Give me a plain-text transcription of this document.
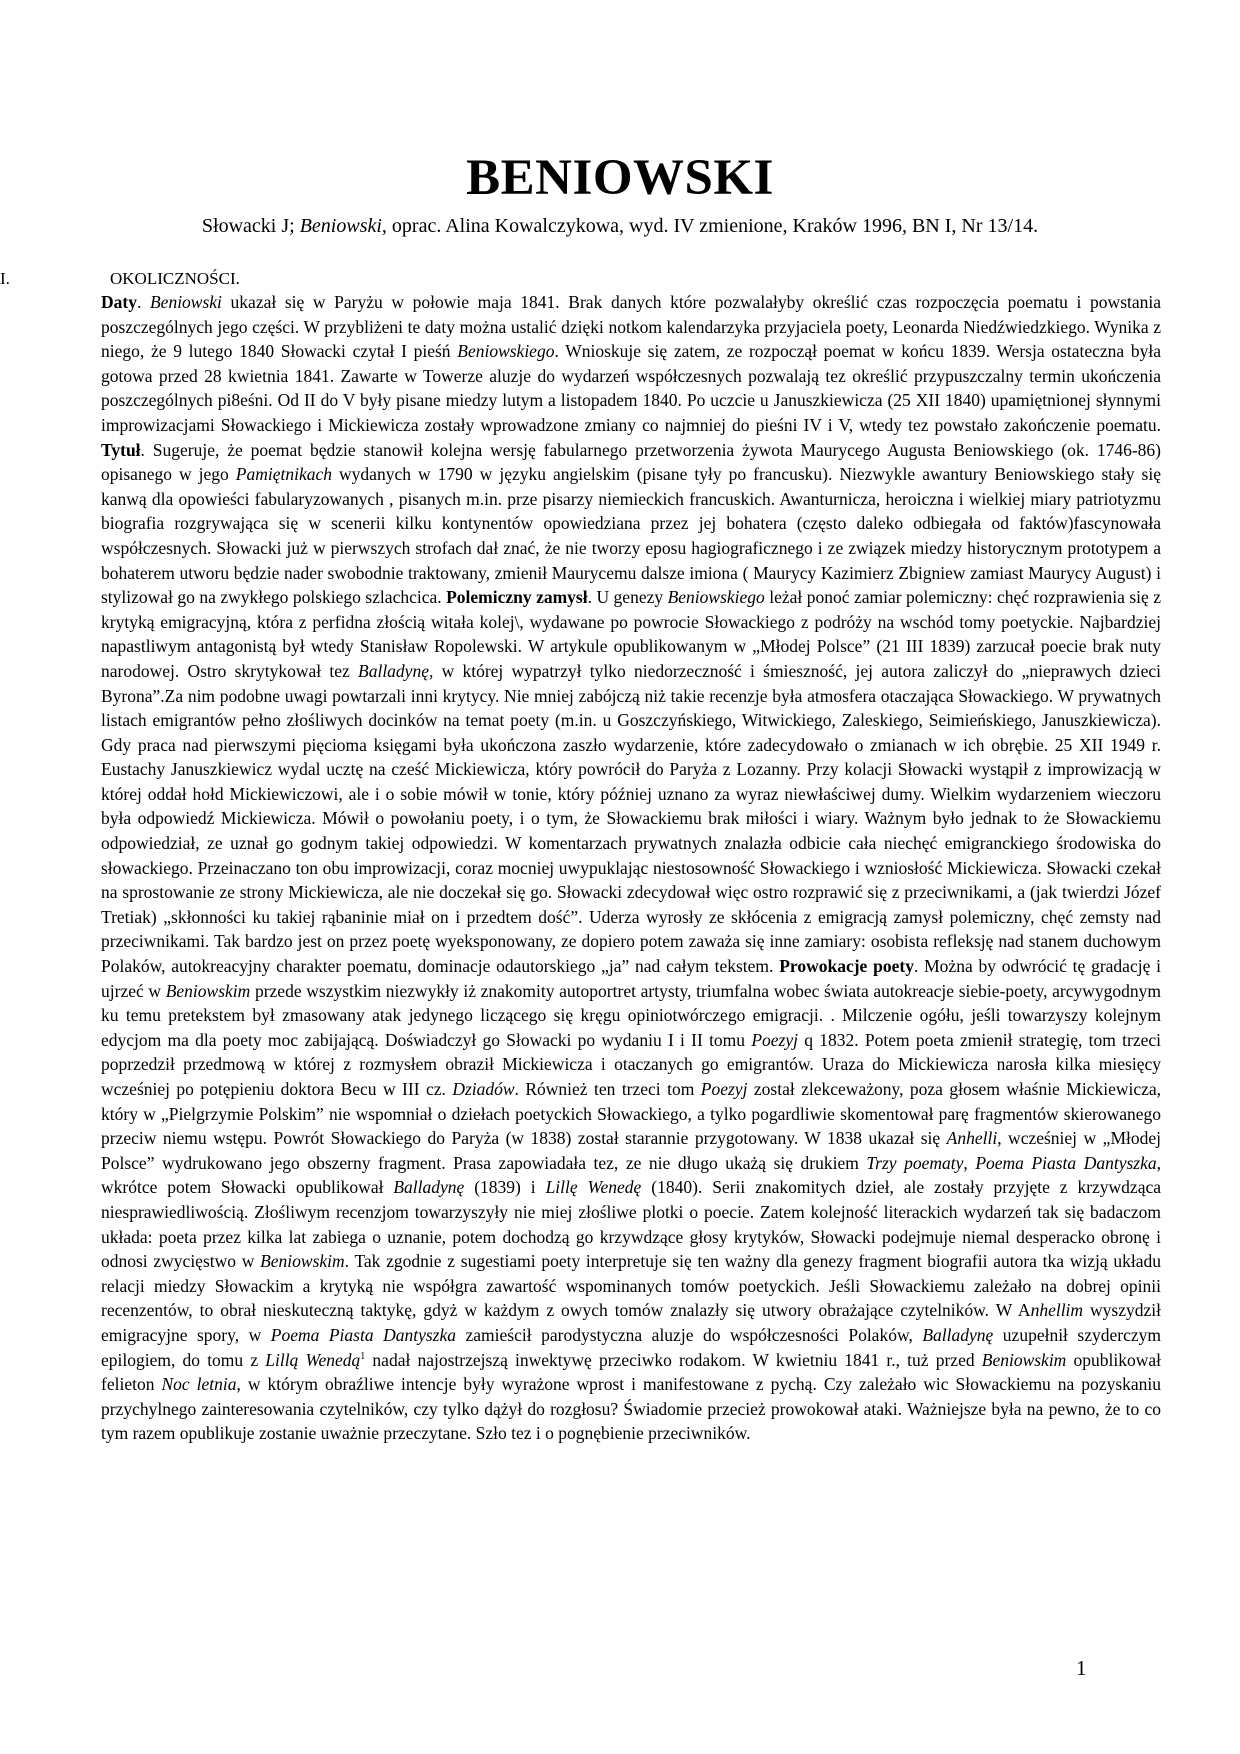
BENIOWSKI
Słowacki J; Beniowski, oprac. Alina Kowalczykowa, wyd. IV zmienione, Kraków 1996, BN I, Nr 13/14.
I.	OKOLICZNOŚCI.

Daty. Beniowski ukazał się w Paryżu w połowie maja 1841. Brak danych które pozwalałyby określić czas rozpoczęcia poematu i powstania poszczególnych jego części. W przybliżeni te daty można ustalić dzięki notkom kalendarzyka przyjaciela poety, Leonarda Niedźwiedzkiego. Wynika z niego, że 9 lutego 1840 Słowacki czytał I pieśń Beniowskiego. Wnioskuje się zatem, ze rozpoczął poemat w końcu 1839. Wersja ostateczna była gotowa przed 28 kwietnia 1841. Zawarte w Towerze aluzje do wydarzeń współczesnych pozwalają tez określić przypuszczalny termin ukończenia poszczególnych pi8eśni. Od II do V były pisane miedzy lutym a listopadem 1840. Po uczcie u Januszkiewicza (25 XII 1840) upamiętnionej słynnymi improwizacjami Słowackiego i Mickiewicza zostały wprowadzone zmiany co najmniej do pieśni IV i V, wtedy tez powstało zakończenie poematu. Tytuł. Sugeruje, że poemat będzie stanowił kolejna wersję fabularnego przetworzenia żywota Maurycego Augusta Beniowskiego (ok. 1746-86) opisanego w jego Pamiętnikach wydanych w 1790 w języku angielskim (pisane tyły po francusku). Niezwykle awantury Beniowskiego stały się kanwą dla opowieści fabularyzowanych , pisanych m.in. prze pisarzy niemieckich francuskich. Awanturnicza, heroiczna i wielkiej miary patriotyzmu biografia rozgrywająca się w scenerii kilku kontynentów opowiedziana przez jej bohatera (często daleko odbiegała od faktów)fascynowała współczesnych. Słowacki już w pierwszych strofach dał znać, że nie tworzy eposu hagiograficznego i ze związek miedzy historycznym prototypem a bohaterem utworu będzie nader swobodnie traktowany, zmienił Maurycemu dalsze imiona ( Maurycy Kazimierz Zbigniew zamiast Maurycy August) i stylizował go na zwykłego polskiego szlachcica. Polemiczny zamysł. U genezy Beniowskiego leżał ponoć zamiar polemiczny: chęć rozprawienia się z krytyką emigracyjną, która z perfidna złością witała kolej\, wydawane po powrocie Słowackiego z podróży na wschód tomy poetyckie. Najbardziej napastliwym antagonistą był wtedy Stanisław Ropolewski. W artykule opublikowanym w „Młodej Polsce” (21 III 1839) zarzucał poecie brak nuty narodowej. Ostro skrytykował tez Balladynę, w której wypatrzył tylko niedorzeczność i śmieszność, jej autora zaliczył do „nieprawych dzieci Byrona”.Za nim podobne uwagi powtarzali inni krytycy. Nie mniej zabójczą niż takie recenzje była atmosfera otaczająca Słowackiego. W prywatnych listach emigrantów pełno złośliwych docinków na temat poety (m.in. u Goszczyńskiego, Witwickiego, Zaleskiego, Seimieńskiego, Januszkiewicza). Gdy praca nad pierwszymi pięcioma księgami była ukończona zaszło wydarzenie, które zadecydowało o zmianach w ich obrębie. 25 XII 1949 r. Eustachy Januszkiewicz wydal ucztę na cześć Mickiewicza, który powrócił do Paryża z Lozanny. Przy kolacji Słowacki wystąpił z improwizacją w której oddał hołd Mickiewiczowi, ale i o sobie mówił w tonie, który później uznano za wyraz niewłaściwej dumy. Wielkim wydarzeniem wieczoru była odpowiedź Mickiewicza. Mówił o powołaniu poety, i o tym, że Słowackiemu brak miłości i wiary. Ważnym było jednak to że Słowackiemu odpowiedział, ze uznał go godnym takiej odpowiedzi. W komentarzach prywatnych znalazła odbicie cała niechęć emigranckiego środowiska do słowackiego. Przeinaczano ton obu improwizacji, coraz mocniej uwypuklając niestosowność Słowackiego i wzniosłość Mickiewicza. Słowacki czekał na sprostowanie ze strony Mickiewicza, ale nie doczekał się go. Słowacki zdecydował więc ostro rozprawić się z przeciwnikami, a (jak twierdzi Józef Tretiak) „skłonności ku takiej rąbaninie miał on i przedtem dość”. Uderza wyrosły ze skłócenia z emigracją zamysł polemiczny, chęć zemsty nad przeciwnikami. Tak bardzo jest on przez poetę wyeksponowany, ze dopiero potem zaważa się inne zamiary: osobista refleksję nad stanem duchowym Polaków, autokreacyjny charakter poematu, dominacje odautorskiego „ja” nad całym tekstem. Prowokacje poety. Można by odwrócić tę gradację i ujrzeć w Beniowskim przede wszystkim niezwykły iż znakomity autoportret artysty, triumfalna wobec świata autokreacje siebie-poety, arcywygodnym ku temu pretekstem był zmasowany atak jedynego liczącego się kręgu opiniotwórczego emigracji. . Milczenie ogółu, jeśli towarzyszy kolejnym edycjom ma dla poety moc zabijającą. Doświadczył go Słowacki po wydaniu I i II tomu Poezyj q 1832. Potem poeta zmienił strategię, tom trzeci poprzedził przedmową w której z rozmysłem obraził Mickiewicza i otaczanych go emigrantów. Uraza do Mickiewicza narosła kilka miesięcy wcześniej po potępieniu doktora Becu w III cz. Dziadów. Również ten trzeci tom Poezyj został zlekceważony, poza głosem właśnie Mickiewicza, który w „Pielgrzymie Polskim” nie wspomniał o dziełach poetyckich Słowackiego, a tylko pogardliwie skomentował parę fragmentów skierowanego przeciw niemu wstępu. Powrót Słowackiego do Paryża (w 1838) został starannie przygotowany. W 1838 ukazał się Anhelli, wcześniej w „Młodej Polsce” wydrukowano jego obszerny fragment. Prasa zapowiadała tez, ze nie długo ukażą się drukiem Trzy poematy, Poema Piasta Dantyszka, wkrótce potem Słowacki opublikował Balladynę (1839) i Lillę Wenedę (1840). Serii znakomitych dzieł, ale zostały przyjęte z krzywdząca niesprawiedliwością. Złośliwym recenzjom towarzyszyły nie miej złośliwe plotki o poecie. Zatem kolejność literackich wydarzeń tak się badaczom układa: poeta przez kilka lat zabiega o uznanie, potem dochodzą go krzywdzące głosy krytyków, Słowacki podejmuje niemal desperacko obronę i odnosi zwycięstwo w Beniowskim. Tak zgodnie z sugestiami poety interpretuje się ten ważny dla genezy fragment biografii autora tka wizją układu relacji miedzy Słowackim a krytyką nie współgra zawartość wspominanych tomów poetyckich. Jeśli Słowackiemu zależało na dobrej opinii recenzentów, to obrał nieskuteczną taktykę, gdyż w każdym z owych tomów znalazły się utwory obrażające czytelników. W Anhellim wyszydził emigracyjne spory, w Poema Piasta Dantyszka zamieścił parodystyczna aluzje do współczesności Polaków, Balladynę uzupełnił szyderczym epilogiem, do tomu z Lillą Wenedą$^1$ nadał najostrzejszą inwektywę przeciwko rodakom. W kwietniu 1841 r., tuż przed Beniowskim opublikował felieton Noc letnia, w którym obraźliwe intencje były wyrażone wprost i manifestowane z pychą. Czy zależało wic Słowackiemu na pozyskaniu przychylnego zainteresowania czytelników, czy tylko dążył do rozgłosu? Świadomie przecież prowokował ataki. Ważniejsze była na pewno, że to co tym razem opublikuje zostanie uważnie przeczytane. Szło tez i o pognębienie przeciwników.

1
